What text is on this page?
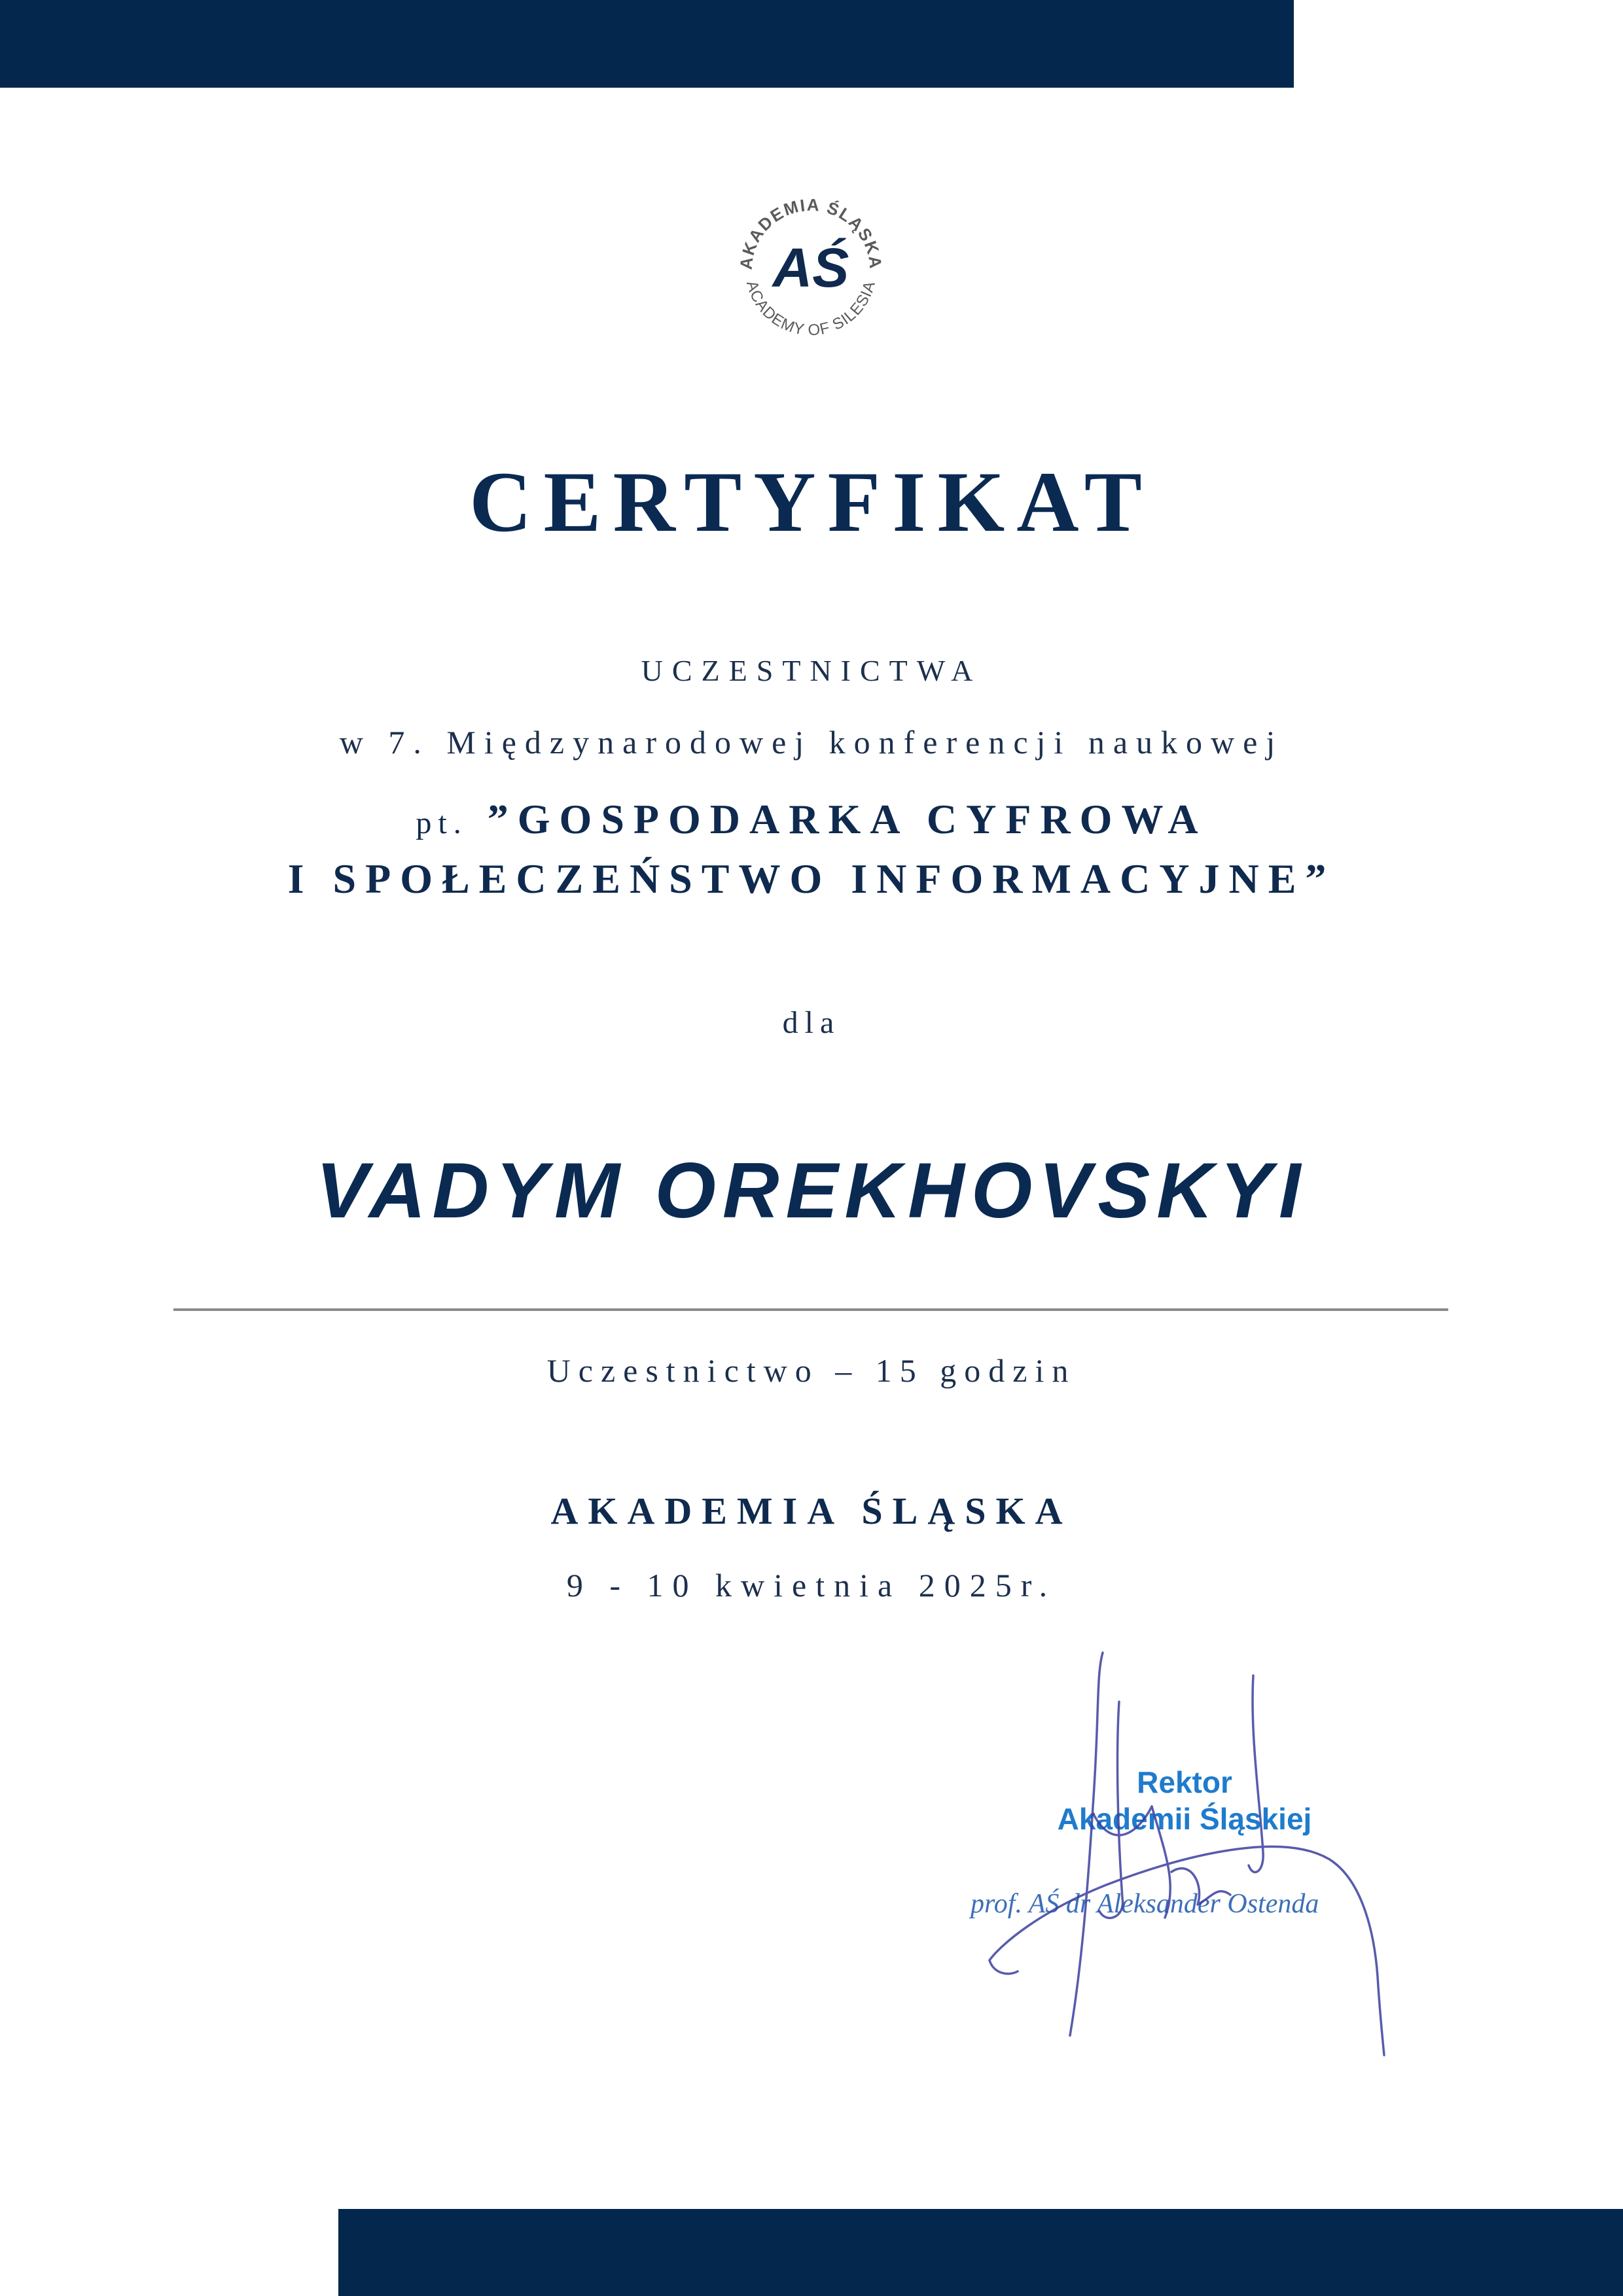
AKADEMIA ŚLĄSKA
ACADEMY OF SILESIA
AŚ
CERTYFIKAT
UCZESTNICTWA
w 7. Międzynarodowej konferencji naukowej
pt. ”GOSPODARKA CYFROWA
I SPOŁECZEŃSTWO INFORMACYJNE”
dla
VADYM OREKHOVSKYI
Uczestnictwo – 15 godzin
AKADEMIA ŚLĄSKA
9 - 10 kwietnia 2025r.
Rektor
Akademii Śląskiej
prof. AŚ dr Aleksander Ostenda
